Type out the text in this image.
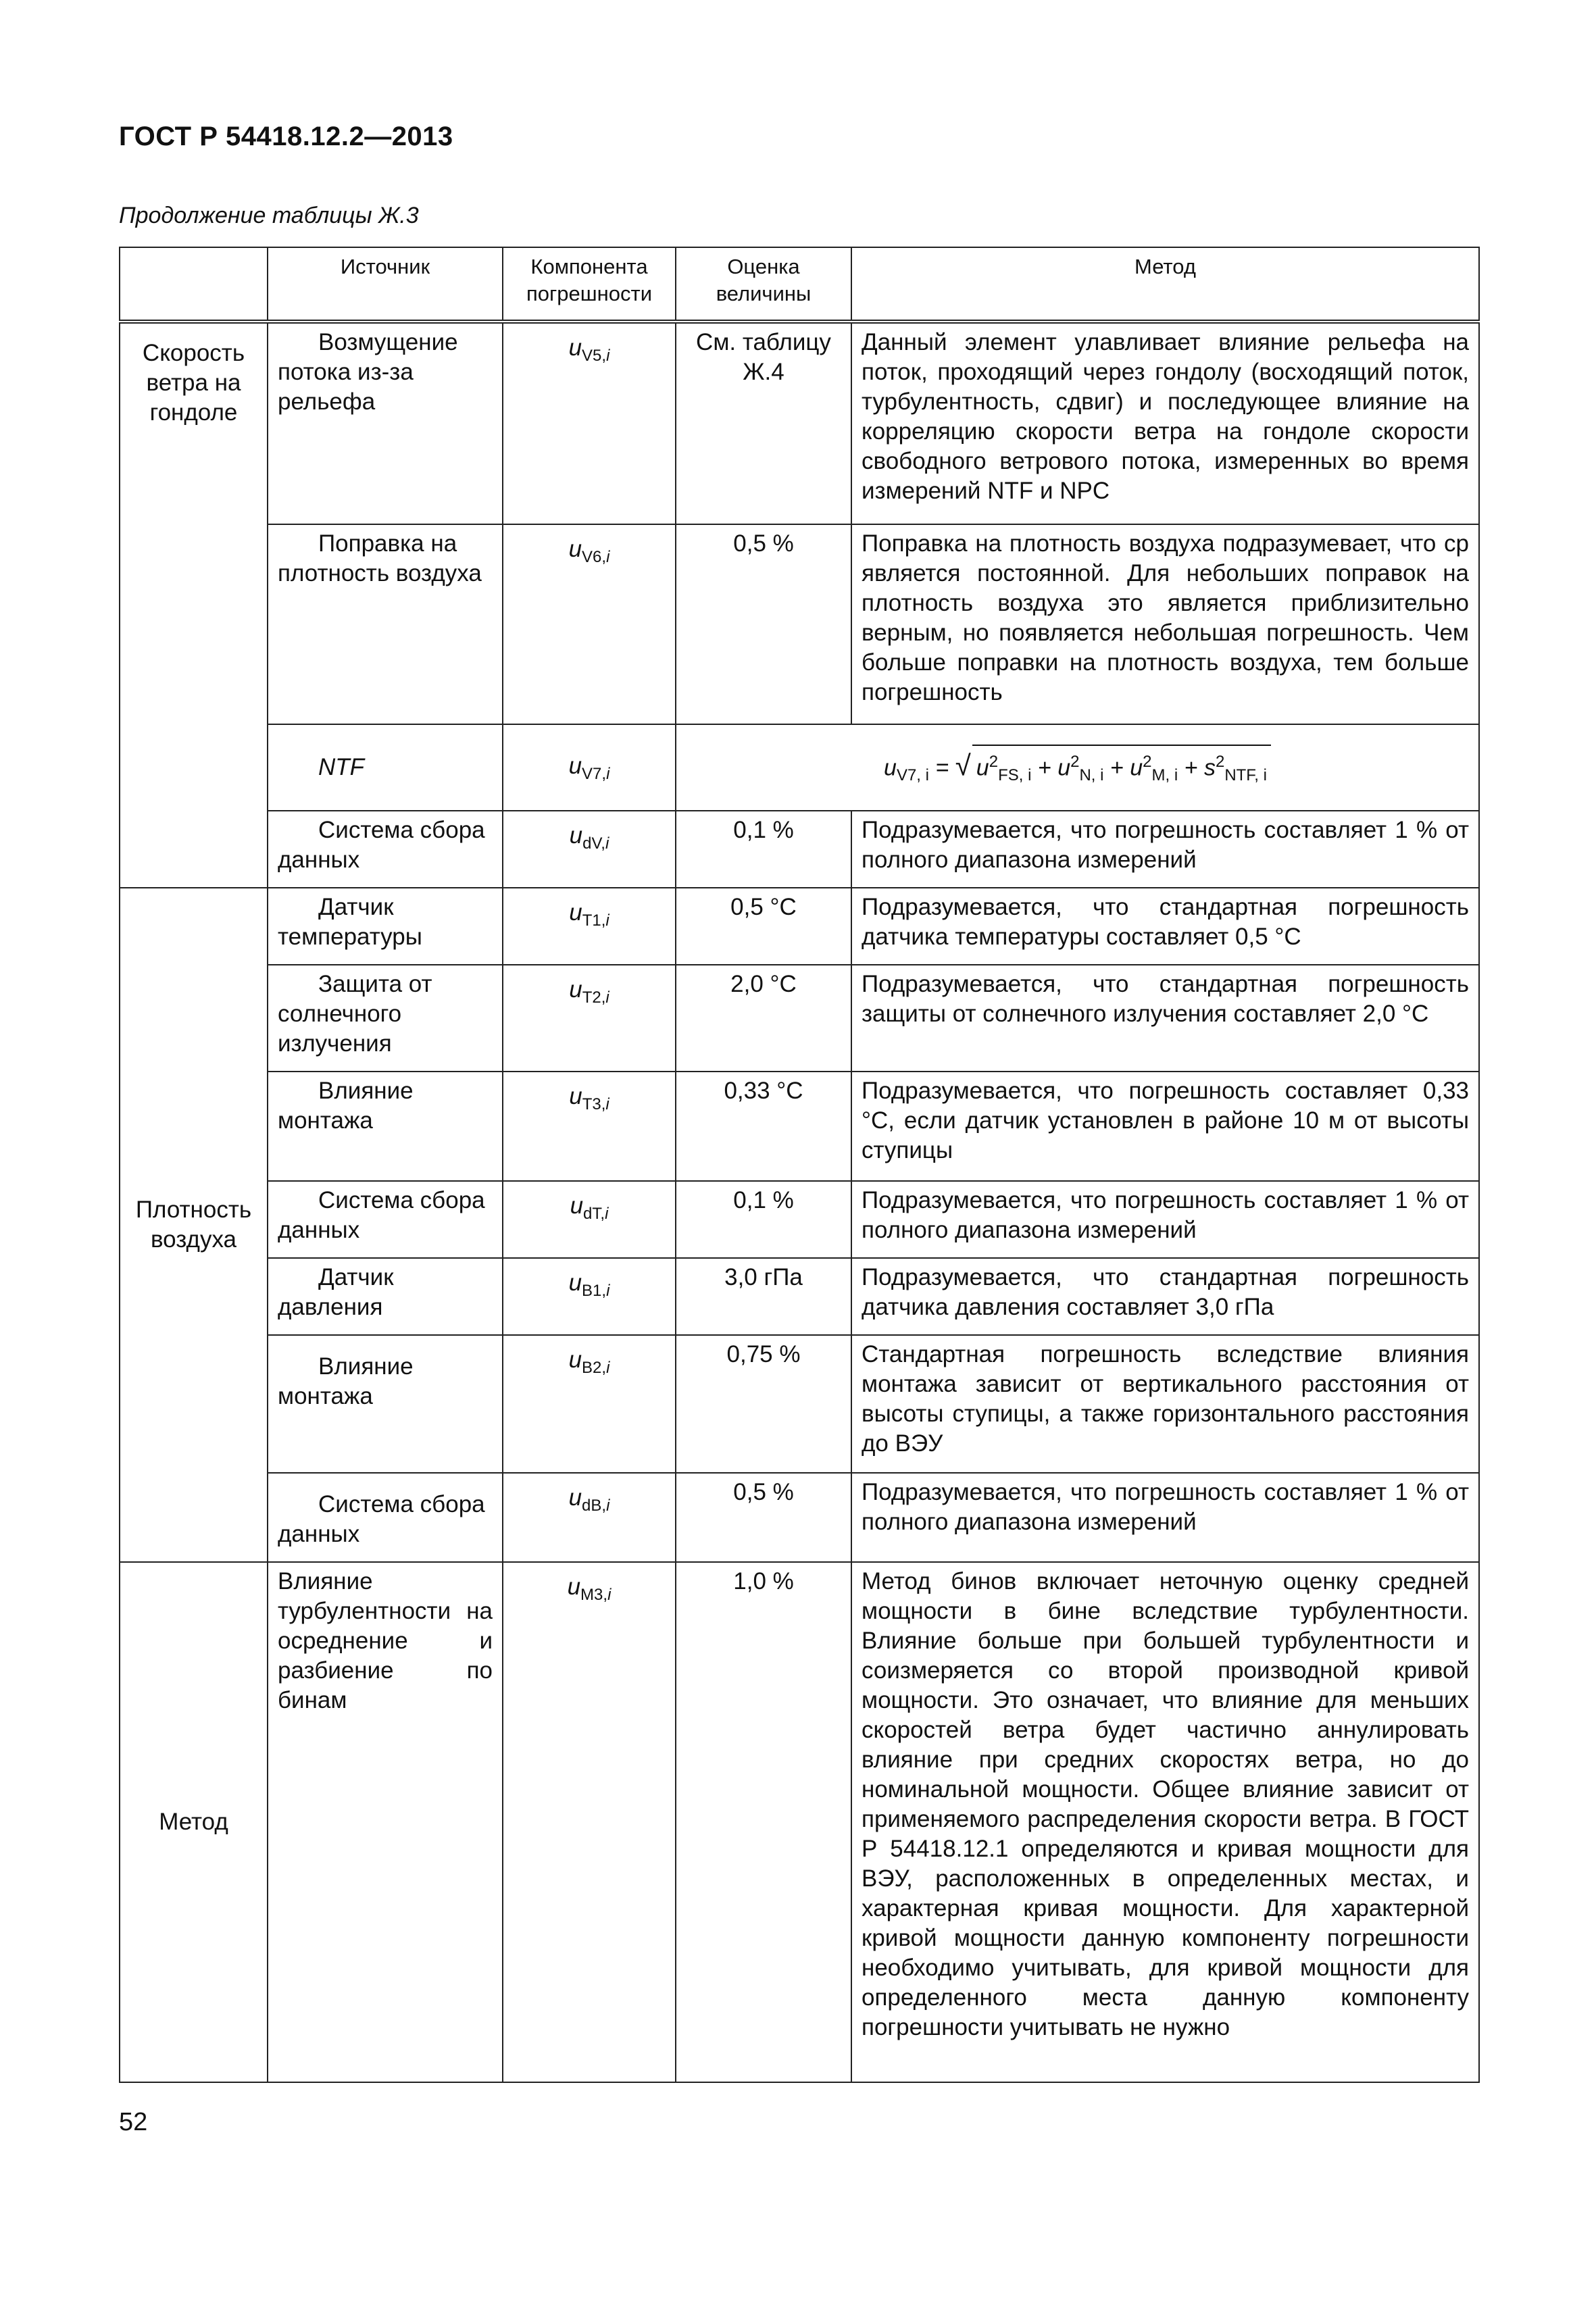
ГОСТ Р 54418.12.2—2013
Продолжение таблицы Ж.3
	Источник	Компонента погрешности	Оценка величины	Метод
Скорость ветра на гондоле	Возмущение потока из-за рельефа	$u_{V5,i}$	См. таблицу Ж.4	Данный элемент улавливает влияние рельефа на поток, проходящий через гондолу (восходящий поток, турбулентность, сдвиг) и последующее влияние на корреляцию скорости ветра на гондоле скорости свободного ветрового потока, измеренных во время измерений NTF и NPC

	Поправка на плотность воздуха	$u_{V6,i}$	0,5 %	Поправка на плотность воздуха подразумевает, что cp является постоянной. Для небольших поправок на плотность воздуха это является приблизительно верным, но появляется небольшая погрешность. Чем больше поправки на плотность воздуха, тем больше погрешность

	NTF	$u_{V7,i}$	$u_{V7, i}$ = √ $u^2_{FS, i} + u^2_{N, i} + u^2_{M, i} + s^2_{NTF, i}$

	Система сбора данных	$u_{dV,i}$	0,1 %	Подразумевается, что погрешность составляет 1 % от полного диапазона измерений
Плотность воздуха	Датчик температуры	$u_{T1,i}$	0,5 °C	Подразумевается, что стандартная погрешность датчика температуры составляет 0,5 °C

	Защита от солнечного излучения	$u_{T2,i}$	2,0 °C	Подразумевается, что стандартная погрешность защиты от солнечного излучения составляет 2,0 °C

	Влияние монтажа	$u_{T3,i}$	0,33 °C	Подразумевается, что погрешность составляет 0,33 °C, если датчик установлен в районе 10 м от высоты ступицы

	Система сбора данных	$u_{dT,i}$	0,1 %	Подразумевается, что погрешность составляет 1 % от полного диапазона измерений

	Датчик давления	$u_{B1,i}$	3,0 гПа	Подразумевается, что стандартная погрешность датчика давления составляет 3,0 гПа

	Влияние монтажа	$u_{B2,i}$	0,75 %	Стандартная погрешность вследствие влияния монтажа зависит от вертикального расстояния от высоты ступицы, а также горизонтального расстояния до ВЭУ

	Система сбора данных	$u_{dB,i}$	0,5 %	Подразумевается, что погрешность составляет 1 % от полного диапазона измерений
Метод	Влияние турбулентности на осреднение и разбиение по бинам	$u_{M3,i}$	1,0 %	Метод бинов включает неточную оценку средней мощности в бине вследствие турбулентности. Влияние больше при большей турбулентности и соизмеряется со второй производной кривой мощности. Это означает, что влияние для меньших скоростей ветра будет частично аннулировать влияние при средних скоростях ветра, но до номинальной мощности. Общее влияние зависит от применяемого распределения скорости ветра. В ГОСТ Р 54418.12.1 определяются и кривая мощности для ВЭУ, расположенных в определенных местах, и характерная кривая мощности. Для характерной кривой мощности данную компоненту погрешности необходимо учитывать, для кривой мощности для определенного места данную компоненту погрешности учитывать не нужно
52
